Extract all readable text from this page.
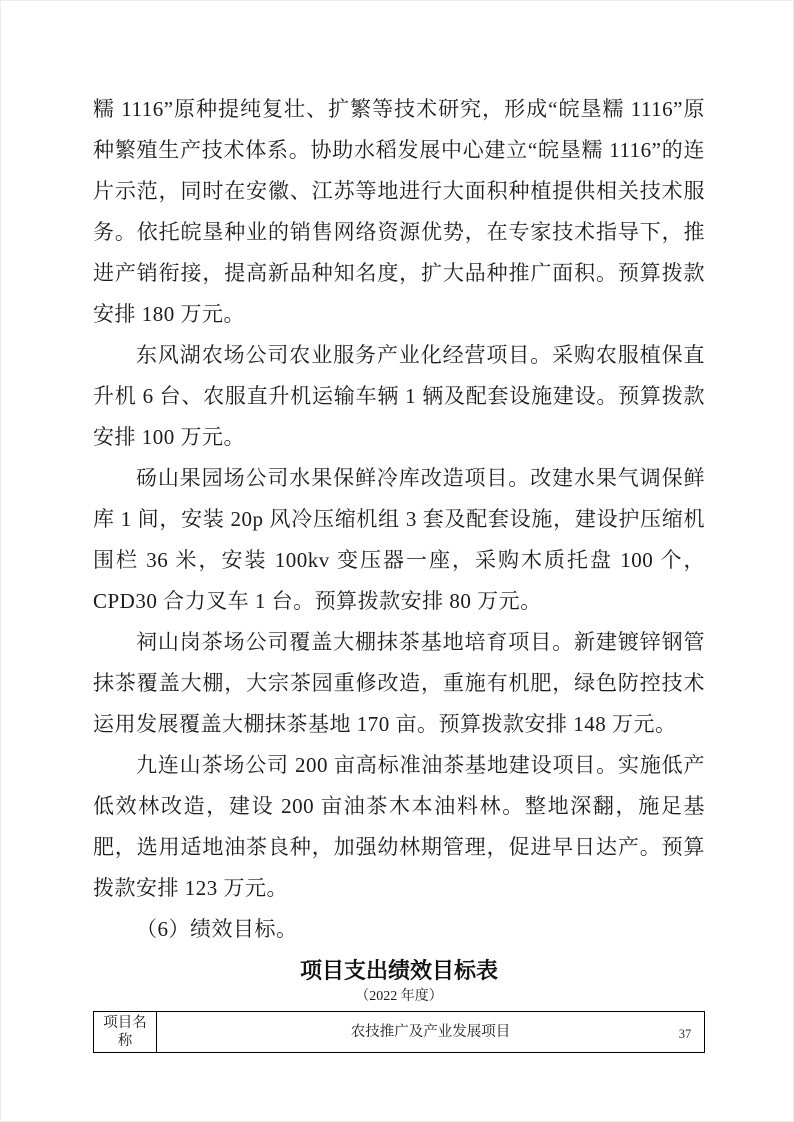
糯 1116”原种提纯复壮、扩繁等技术研究，形成“皖垦糯 1116”原种繁殖生产技术体系。协助水稻发展中心建立“皖垦糯 1116”的连片示范，同时在安徽、江苏等地进行大面积种植提供相关技术服务。依托皖垦种业的销售网络资源优势，在专家技术指导下，推进产销衔接，提高新品种知名度，扩大品种推广面积。预算拨款安排 180 万元。

东风湖农场公司农业服务产业化经营项目。采购农服植保直升机 6 台、农服直升机运输车辆 1 辆及配套设施建设。预算拨款安排 100 万元。

砀山果园场公司水果保鲜冷库改造项目。改建水果气调保鲜库 1 间，安装 20p 风冷压缩机组 3 套及配套设施，建设护压缩机围栏 36 米，安装 100kv 变压器一座，采购木质托盘 100 个，CPD30 合力叉车 1 台。预算拨款安排 80 万元。

祠山岗茶场公司覆盖大棚抹茶基地培育项目。新建镀锌钢管抹茶覆盖大棚，大宗茶园重修改造，重施有机肥，绿色防控技术运用发展覆盖大棚抹茶基地 170 亩。预算拨款安排 148 万元。

九连山茶场公司 200 亩高标准油茶基地建设项目。实施低产低效林改造，建设 200 亩油茶木本油料林。整地深翻，施足基肥，选用适地油茶良种，加强幼林期管理，促进早日达产。预算拨款安排 123 万元。

（6）绩效目标。

项目支出绩效目标表

（2022 年度）

项目名称	农技推广及产业发展项目	37
